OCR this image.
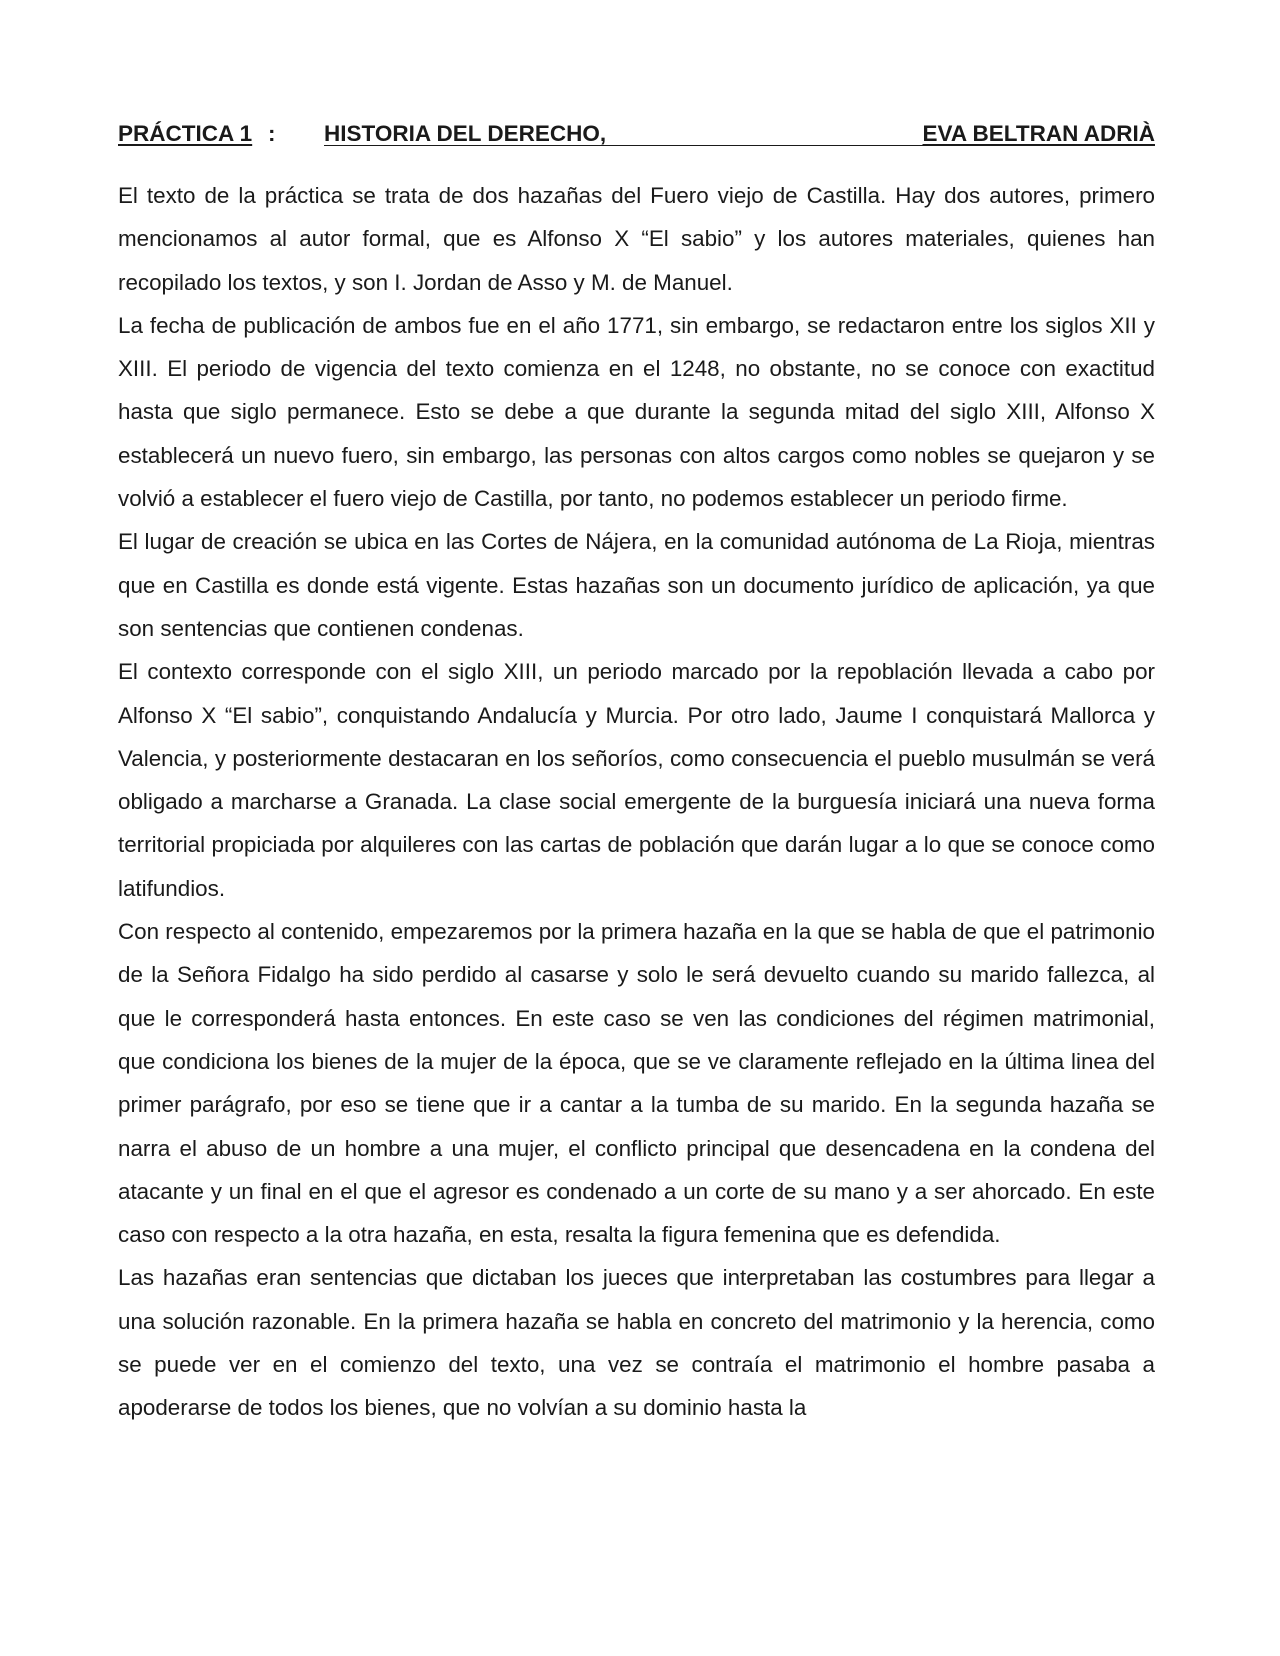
PRÁCTICA 1 : HISTORIA DEL DERECHO,	EVA BELTRAN ADRIÀ

El texto de la práctica se trata de dos hazañas del Fuero viejo de Castilla. Hay dos autores, primero mencionamos al autor formal, que es Alfonso X “El sabio” y los autores materiales, quienes han recopilado los textos, y son I. Jordan de Asso y M. de Manuel.

La fecha de publicación de ambos fue en el año 1771, sin embargo, se redactaron entre los siglos XII y XIII. El periodo de vigencia del texto comienza en el 1248, no obstante, no se conoce con exactitud hasta que siglo permanece. Esto se debe a que durante la segunda mitad del siglo XIII, Alfonso X establecerá un nuevo fuero, sin embargo, las personas con altos cargos como nobles se quejaron y se volvió a establecer el fuero viejo de Castilla, por tanto, no podemos establecer un periodo firme.

El lugar de creación se ubica en las Cortes de Nájera, en la comunidad autónoma de La Rioja, mientras que en Castilla es donde está vigente. Estas hazañas son un documento jurídico de aplicación, ya que son sentencias que contienen condenas.

El contexto corresponde con el siglo XIII, un periodo marcado por la repoblación llevada a cabo por Alfonso X “El sabio”, conquistando Andalucía y Murcia. Por otro lado, Jaume I conquistará Mallorca y Valencia, y posteriormente destacaran en los señoríos, como consecuencia el pueblo musulmán se verá obligado a marcharse a Granada. La clase social emergente de la burguesía iniciará una nueva forma territorial propiciada por alquileres con las cartas de población que darán lugar a lo que se conoce como latifundios.

Con respecto al contenido, empezaremos por la primera hazaña en la que se habla de que el patrimonio de la Señora Fidalgo ha sido perdido al casarse y solo le será devuelto cuando su marido fallezca, al que le corresponderá hasta entonces. En este caso se ven las condiciones del régimen matrimonial, que condiciona los bienes de la mujer de la época, que se ve claramente reflejado en la última linea del primer parágrafo, por eso se tiene que ir a cantar a la tumba de su marido. En la segunda hazaña se narra el abuso de un hombre a una mujer, el conflicto principal que desencadena en la condena del atacante y un final en el que el agresor es condenado a un corte de su mano y a ser ahorcado. En este caso con respecto a la otra hazaña, en esta, resalta la figura femenina que es defendida.

Las hazañas eran sentencias que dictaban los jueces que interpretaban las costumbres para llegar a una solución razonable. En la primera hazaña se habla en concreto del matrimonio y la herencia, como se puede ver en el comienzo del texto, una vez se contraía el matrimonio el hombre pasaba a apoderarse de todos los bienes, que no volvían a su dominio hasta la
